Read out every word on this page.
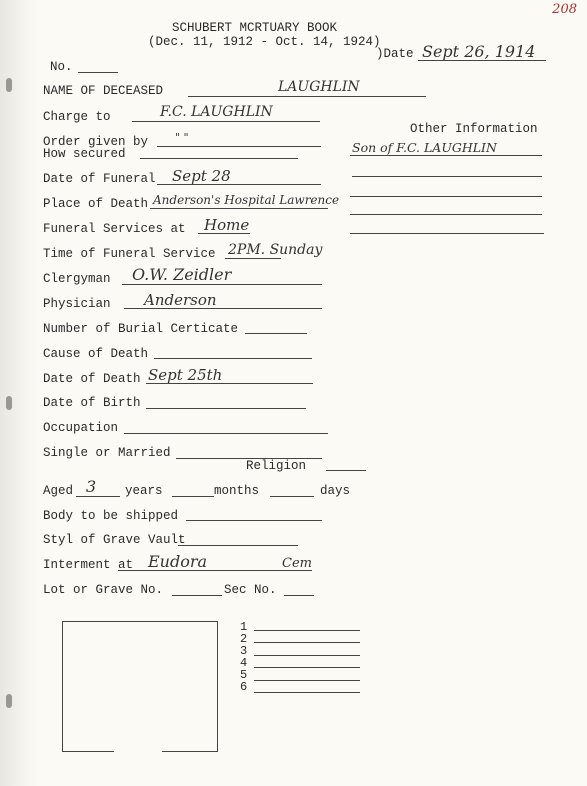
208
SCHUBERT MCRTUARY BOOK
(Dec. 11, 1912 - Oct. 14, 1924)
)Date Sept 26, 1914
No.
NAME OF DECEASED	LAUGHLIN
Charge to	F.C. LAUGHLIN
Order given by " "
How secured
Other Information
Son of F.C. LAUGHLIN
Date of Funeral Sept 28
Place of Death Anderson's Hospital Lawrence
Funeral Services at Home
Time of Funeral Service 2PM. Sunday
Clergyman O.W. Zeidler
Physician Anderson
Number of Burial Certicate
Cause of Death
Date of Death Sept 25th
Date of Birth
Occupation
Single or Married
Religion
Aged 3 years	months	days
Body to be shipped
Styl of Grave Vault
Interment at Eudora	Cem
Lot or Grave No.	Sec No.
1
2
3
4
5
6
